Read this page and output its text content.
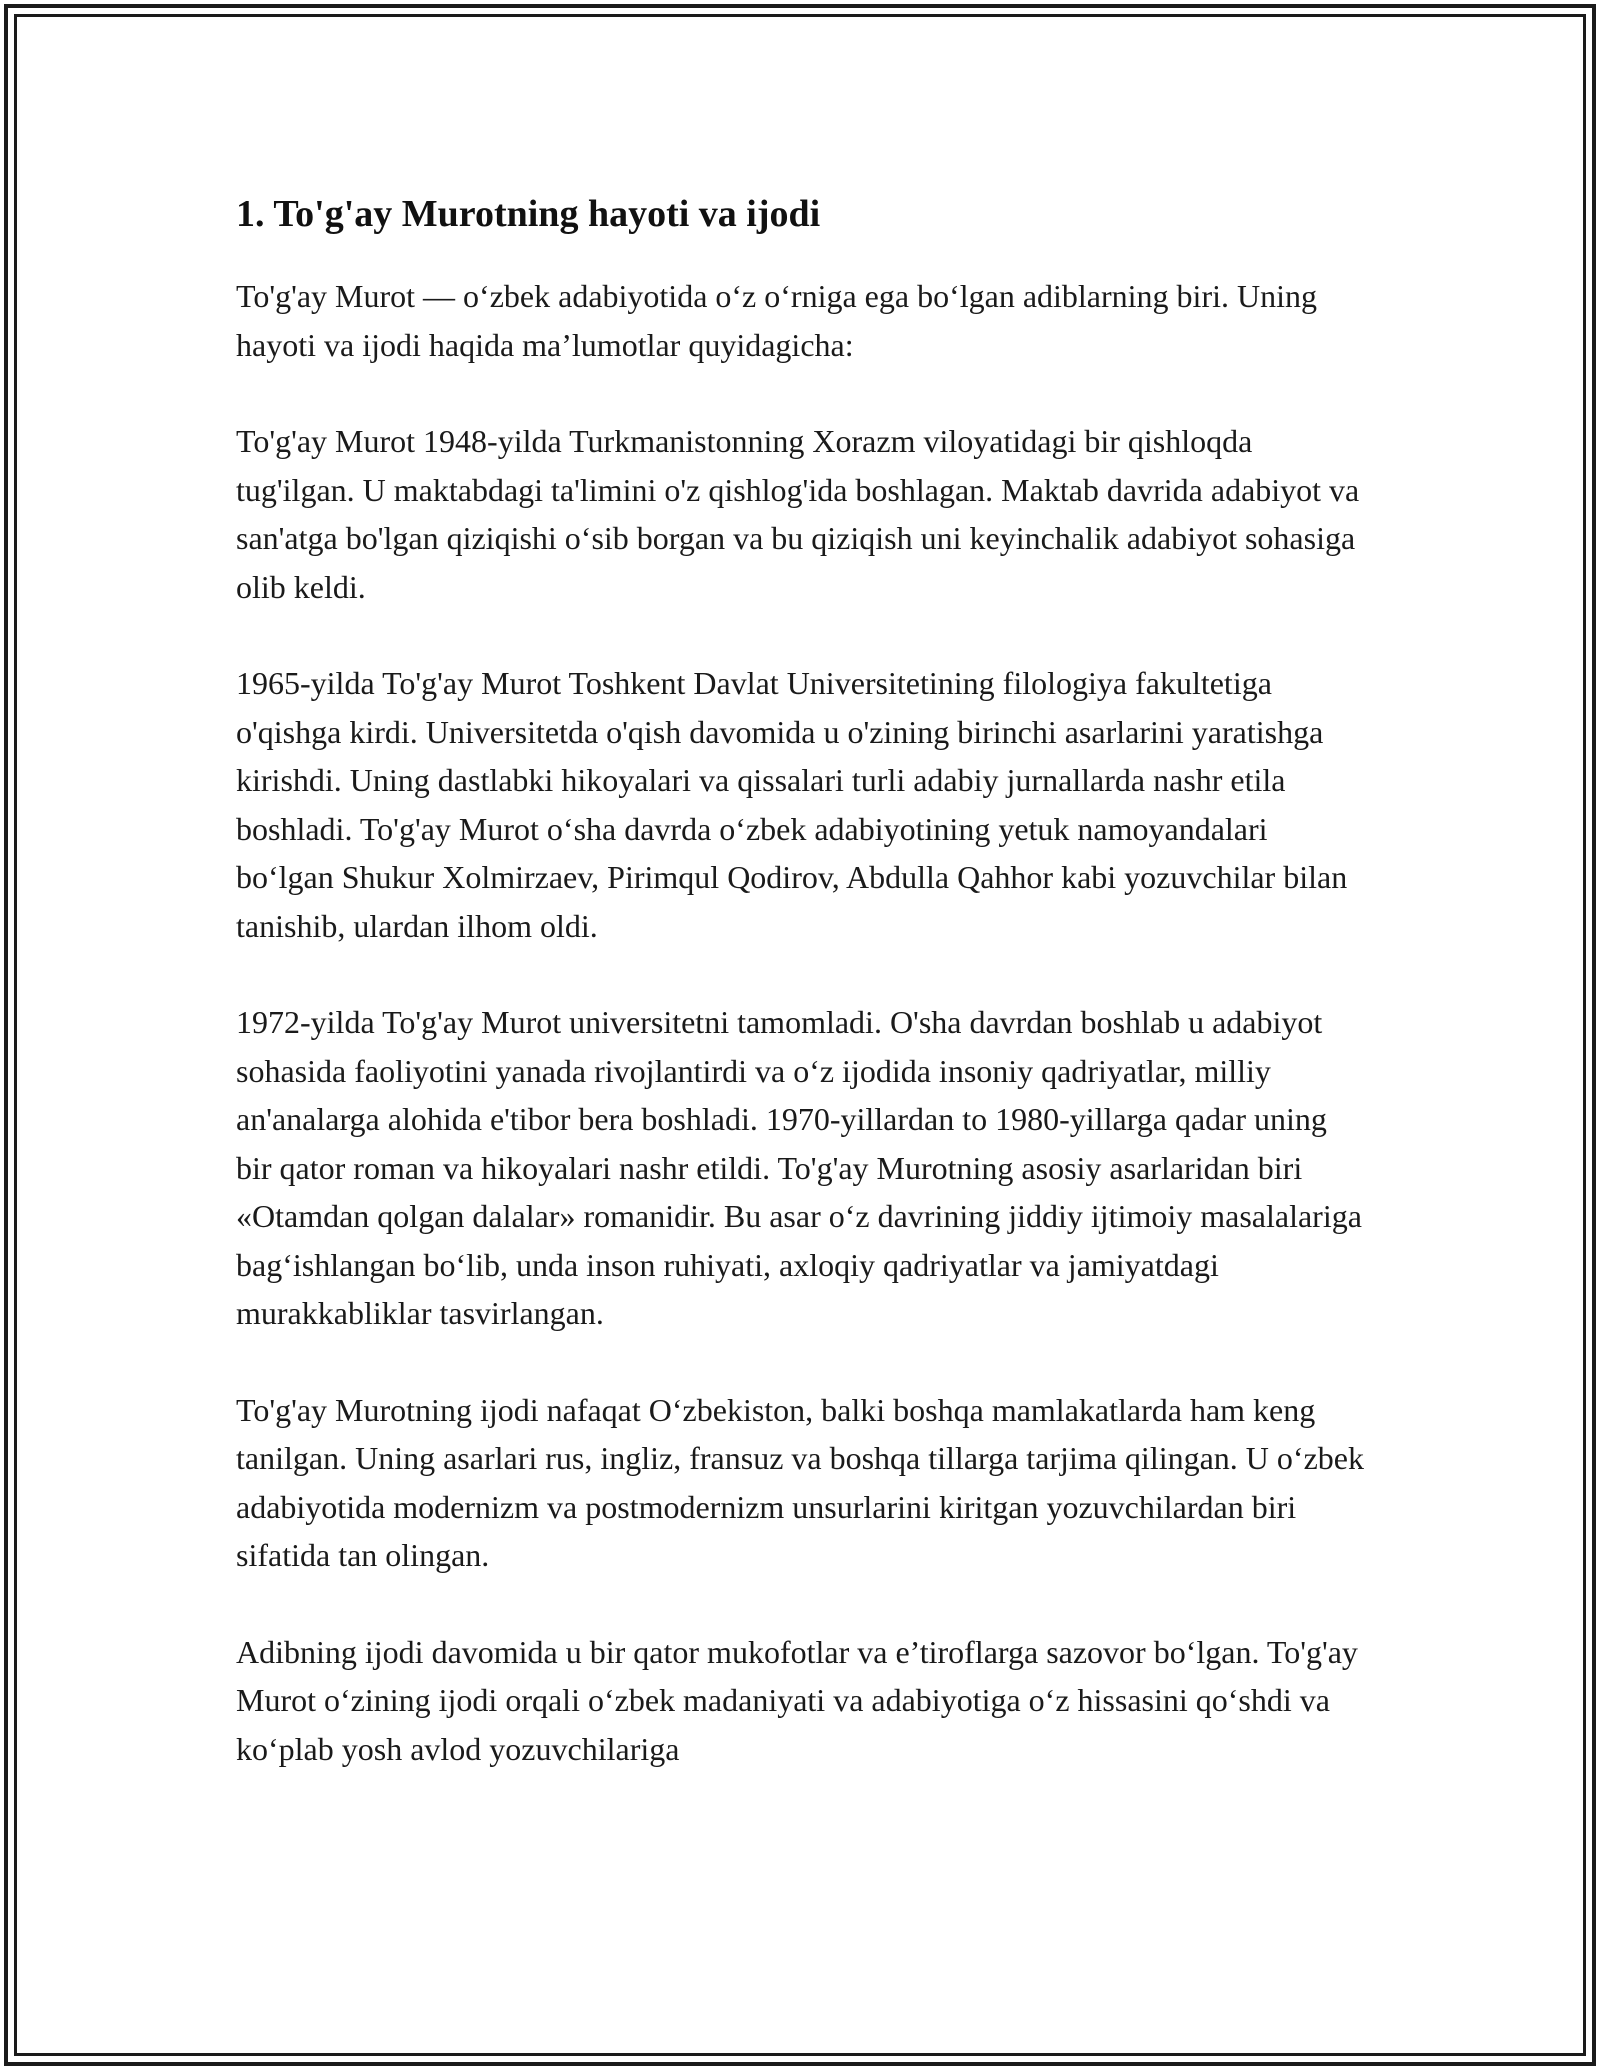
1. To'g'ay Murotning hayoti va ijodi

To'g'ay Murot — oʻzbek adabiyotida oʻz oʻrniga ega boʻlgan adiblarning biri. Uning hayoti va ijodi haqida maʼlumotlar quyidagicha:

To'g'ay Murot 1948-yilda Turkmanistonning Xorazm viloyatidagi bir qishloqda tug'ilgan. U maktabdagi ta'limini o'z qishlog'ida boshlagan. Maktab davrida adabiyot va san'atga bo'lgan qiziqishi oʻsib borgan va bu qiziqish uni keyinchalik adabiyot sohasiga olib keldi.

1965-yilda To'g'ay Murot Toshkent Davlat Universitetining filologiya fakultetiga o'qishga kirdi. Universitetda o'qish davomida u o'zining birinchi asarlarini yaratishga kirishdi. Uning dastlabki hikoyalari va qissalari turli adabiy jurnallarda nashr etila boshladi. To'g'ay Murot oʻsha davrda oʻzbek adabiyotining yetuk namoyandalari boʻlgan Shukur Xolmirzaev, Pirimqul Qodirov, Abdulla Qahhor kabi yozuvchilar bilan tanishib, ulardan ilhom oldi.

1972-yilda To'g'ay Murot universitetni tamomladi. O'sha davrdan boshlab u adabiyot sohasida faoliyotini yanada rivojlantirdi va oʻz ijodida insoniy qadriyatlar, milliy an'analarga alohida e'tibor bera boshladi. 1970-yillardan to 1980-yillarga qadar uning bir qator roman va hikoyalari nashr etildi. To'g'ay Murotning asosiy asarlaridan biri «Otamdan qolgan dalalar» romanidir. Bu asar oʻz davrining jiddiy ijtimoiy masalalariga bagʻishlangan boʻlib, unda inson ruhiyati, axloqiy qadriyatlar va jamiyatdagi murakkabliklar tasvirlangan.

To'g'ay Murotning ijodi nafaqat Oʻzbekiston, balki boshqa mamlakatlarda ham keng tanilgan. Uning asarlari rus, ingliz, fransuz va boshqa tillarga tarjima qilingan. U oʻzbek adabiyotida modernizm va postmodernizm unsurlarini kiritgan yozuvchilardan biri sifatida tan olingan.

Adibning ijodi davomida u bir qator mukofotlar va e’tiroflarga sazovor boʻlgan. To'g'ay Murot oʻzining ijodi orqali oʻzbek madaniyati va adabiyotiga oʻz hissasini qoʻshdi va koʻplab yosh avlod yozuvchilariga
